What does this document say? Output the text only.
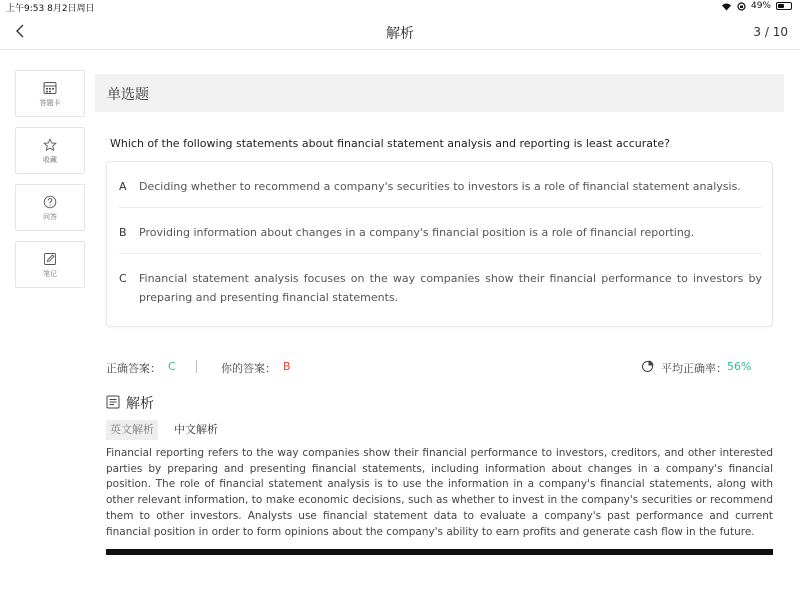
上午9:53 8月2日周日	49%
解析	3 / 10
答题卡
收藏
问答
笔记
单选题
Which of the following statements about financial statement analysis and reporting is least accurate?
A	Deciding whether to recommend a company's securities to investors is a role of financial statement analysis.
B	Providing information about changes in a company's financial position is a role of financial reporting.
C	Financial statement analysis focuses on the way companies show their financial performance to investors by preparing and presenting financial statements.
正确答案： C	你的答案： B	平均正确率： 56%
解析
英文解析	中文解析
Financial reporting refers to the way companies show their financial performance to investors, creditors, and other interested parties by preparing and presenting financial statements, including information about changes in a company's financial position. The role of financial statement analysis is to use the information in a company's financial statements, along with other relevant information, to make economic decisions, such as whether to invest in the company's securities or recommend them to other investors. Analysts use financial statement data to evaluate a company's past performance and current financial position in order to form opinions about the company's ability to earn profits and generate cash flow in the future.
